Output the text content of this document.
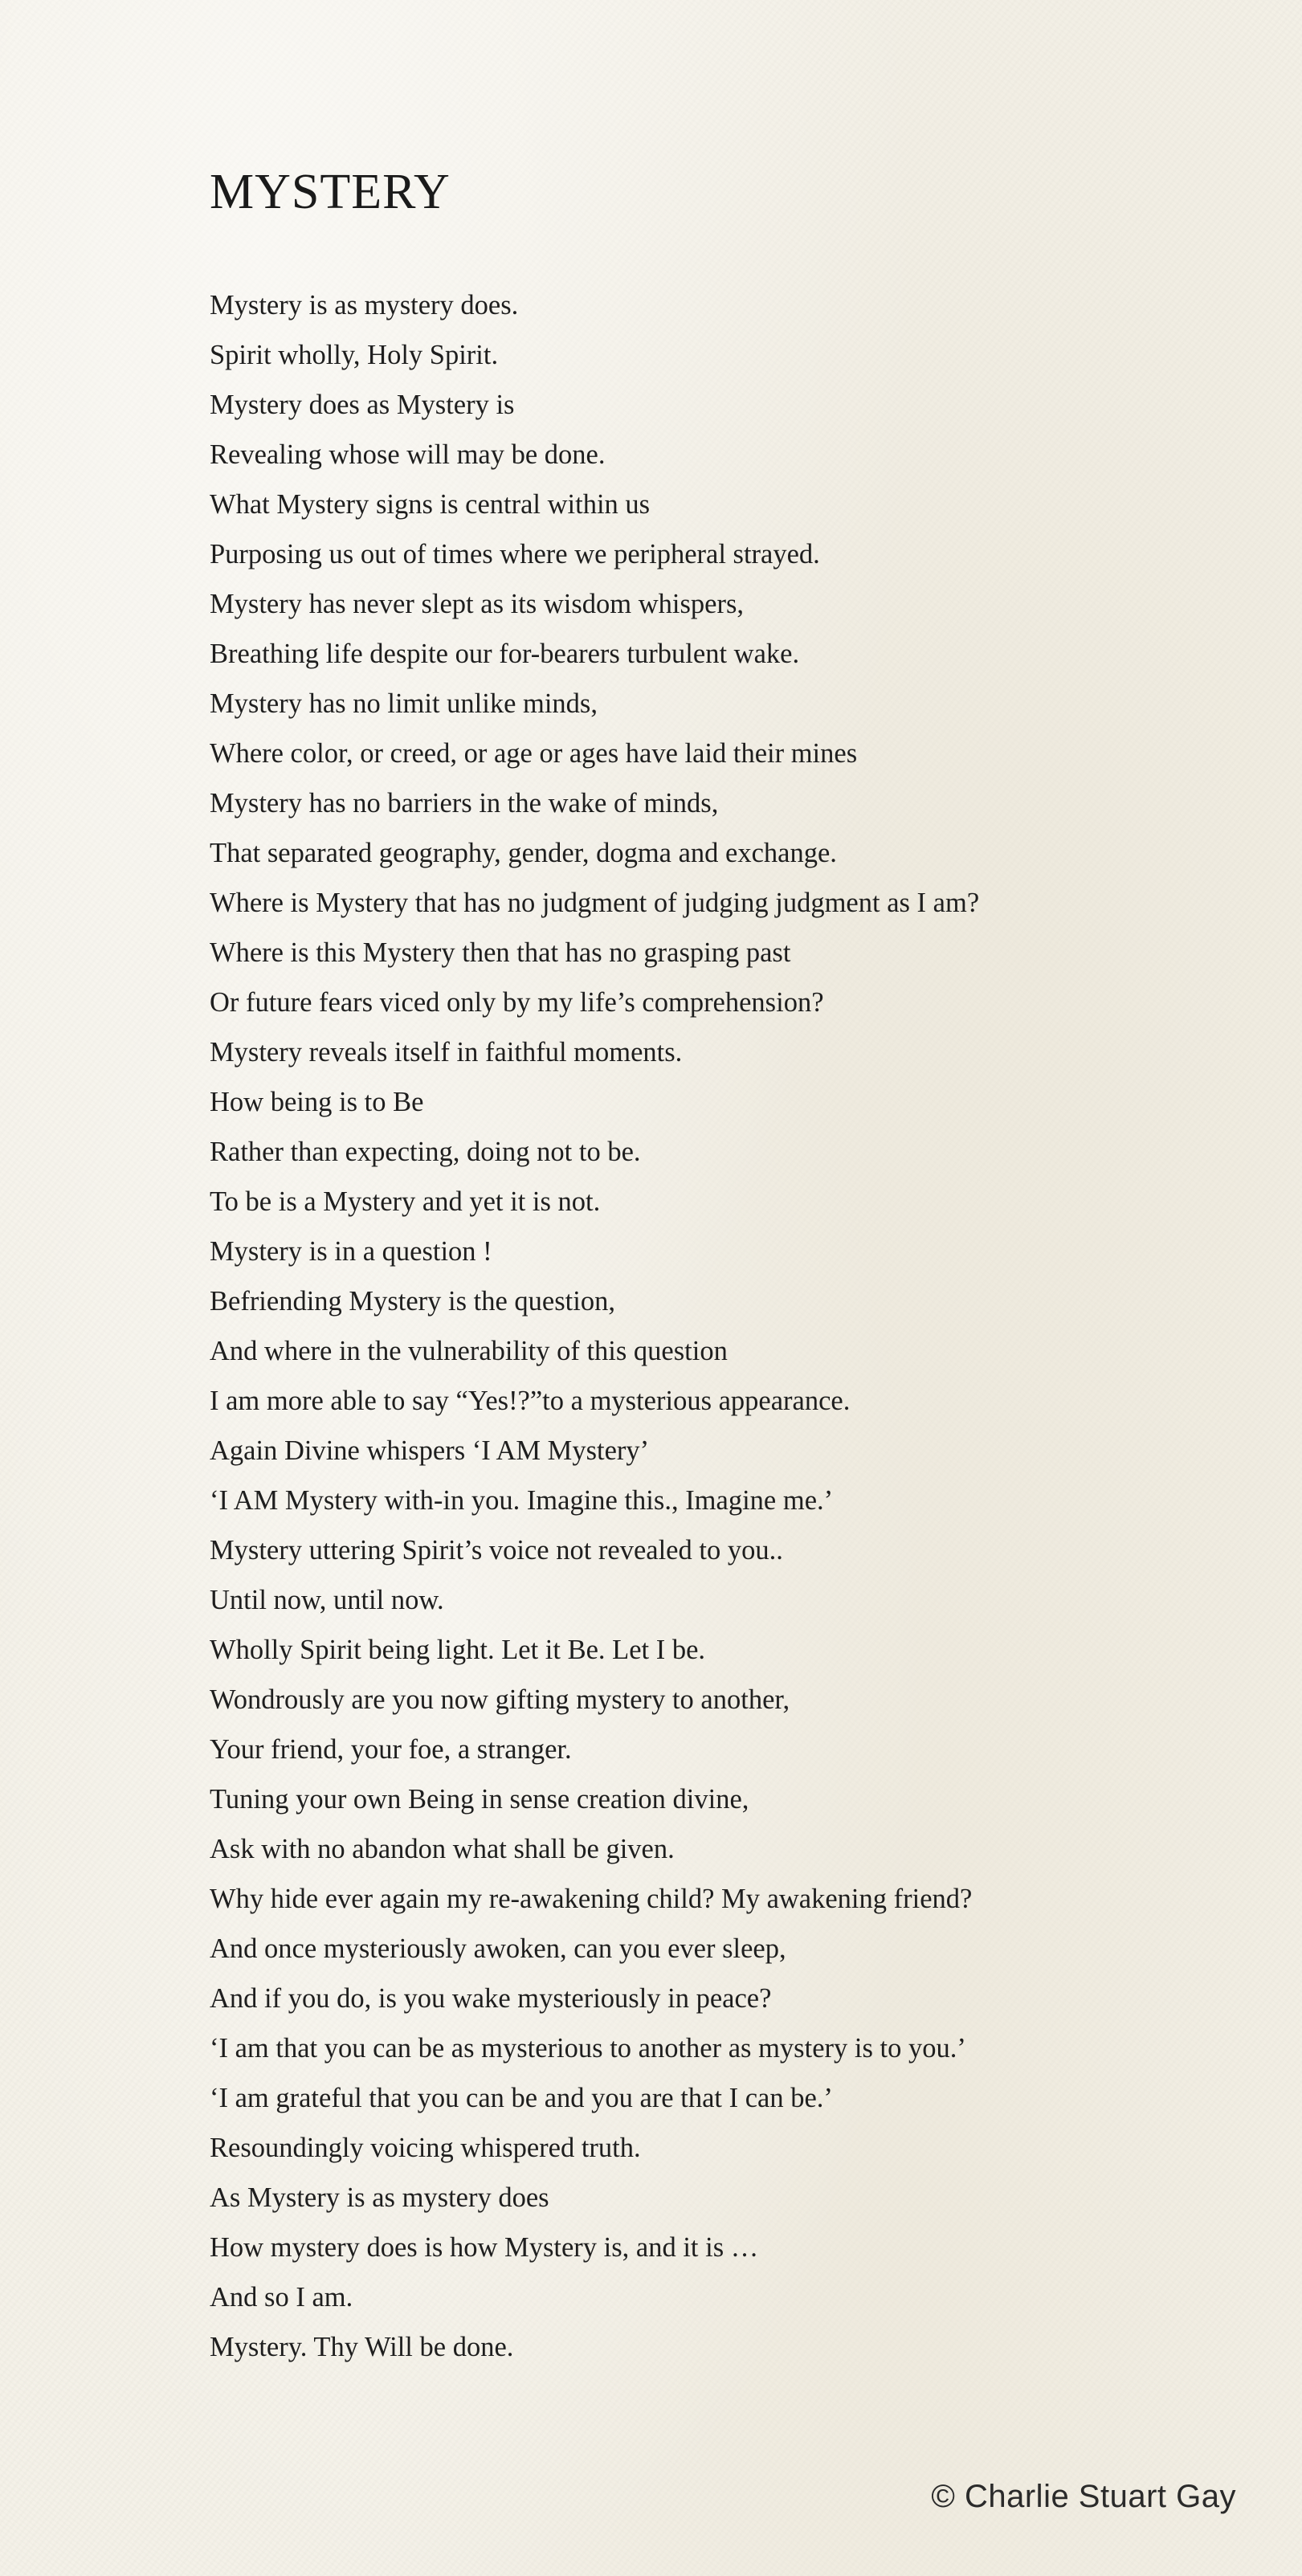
MYSTERY
Mystery is as mystery does.
Spirit wholly, Holy Spirit.
Mystery does as Mystery is
Revealing whose will may be done.
What Mystery signs is central within us
Purposing us out of times where we peripheral strayed.
Mystery has never slept as its wisdom whispers,
Breathing life despite our for-bearers turbulent wake.
Mystery has no limit unlike minds,
Where color, or creed, or age or ages have laid their mines
Mystery has no barriers in the wake of minds,
That separated geography, gender, dogma and exchange.
Where is Mystery that has no judgment of judging judgment as I am?
Where is this Mystery then that has no grasping past
Or future fears viced only by my life’s comprehension?
Mystery reveals itself in faithful moments.
How being is to Be
Rather than expecting, doing not to be.
To be is a Mystery and yet it is not.
Mystery is in a question !
Befriending Mystery is the question,
And where in the vulnerability of this question
I am more able to say “Yes!?”to a mysterious appearance.
Again Divine whispers ‘I AM Mystery’
‘I AM Mystery with-in you. Imagine this., Imagine me.’
Mystery uttering Spirit’s voice not revealed to you..
Until now, until now.
Wholly Spirit being light. Let it Be. Let I be.
Wondrously are you now gifting mystery to another,
Your friend, your foe, a stranger.
Tuning your own Being in sense creation divine,
Ask with no abandon what shall be given.
Why hide ever again my re-awakening child? My awakening friend?
And once mysteriously awoken, can you ever sleep,
And if you do, is you wake mysteriously in peace?
‘I am that you can be as mysterious to another as mystery is to you.’
‘I am grateful that you can be and you are that I can be.’
Resoundingly voicing whispered truth.
As Mystery is as mystery does
How mystery does is how Mystery is, and it is …
And so I am.
Mystery. Thy Will be done.
© Charlie Stuart Gay
